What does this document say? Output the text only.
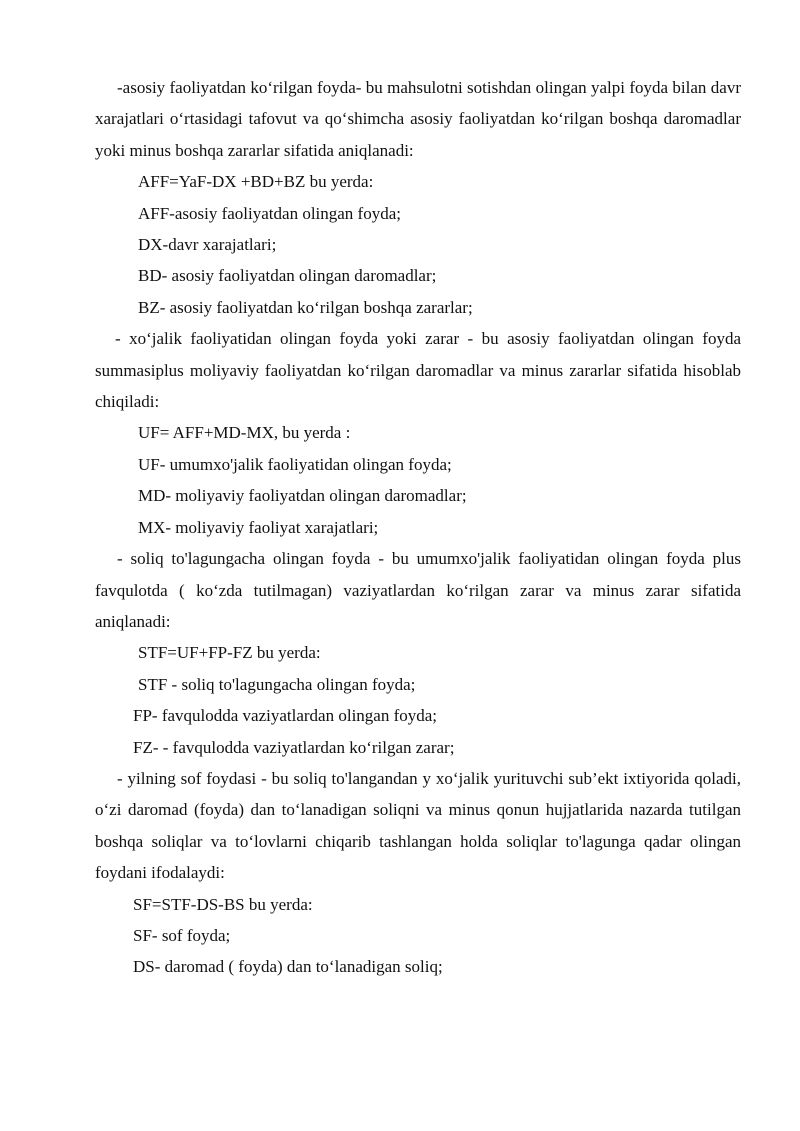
-asosiy faoliyatdan ko‘rilgan foyda- bu mahsulotni sotishdan olingan yalpi foyda bilan davr xarajatlari o‘rtasidagi tafovut va qo‘shimcha asosiy faoliyatdan ko‘rilgan boshqa daromadlar yoki minus boshqa zararlar sifatida aniqlanadi:

AFF=YaF-DX +BD+BZ bu yerda:

AFF-asosiy faoliyatdan olingan foyda;

DX-davr xarajatlari;

BD- asosiy faoliyatdan olingan daromadlar;

BZ- asosiy faoliyatdan ko‘rilgan boshqa zararlar;

- xo‘jalik faoliyatidan olingan foyda yoki zarar - bu asosiy faoliyatdan olingan foyda summasiplus moliyaviy faoliyatdan ko‘rilgan daromadlar va minus zararlar sifatida hisoblab chiqiladi:

UF= AFF+MD-MX, bu yerda :

UF- umumxo'jalik faoliyatidan olingan foyda;

MD- moliyaviy faoliyatdan olingan daromadlar;

MX- moliyaviy faoliyat xarajatlari;

- soliq to'lagungacha olingan foyda - bu umumxo'jalik faoliyatidan olingan foyda plus favqulotda ( ko‘zda tutilmagan) vaziyatlardan ko‘rilgan zarar va minus zarar sifatida aniqlanadi:

STF=UF+FP-FZ bu yerda:

STF - soliq to'lagungacha olingan foyda;

FP- favqulodda vaziyatlardan olingan foyda;

FZ- - favqulodda vaziyatlardan ko‘rilgan zarar;

- yilning sof foydasi - bu soliq to'langandan y xo‘jalik yurituvchi sub’ekt ixtiyorida qoladi, o‘zi daromad (foyda) dan to‘lanadigan soliqni va minus qonun hujjatlarida nazarda tutilgan boshqa soliqlar va to‘lovlarni chiqarib tashlangan holda soliqlar to'lagunga qadar olingan foydani ifodalaydi:

SF=STF-DS-BS bu yerda:

SF- sof foyda;

DS- daromad ( foyda) dan to‘lanadigan soliq;
